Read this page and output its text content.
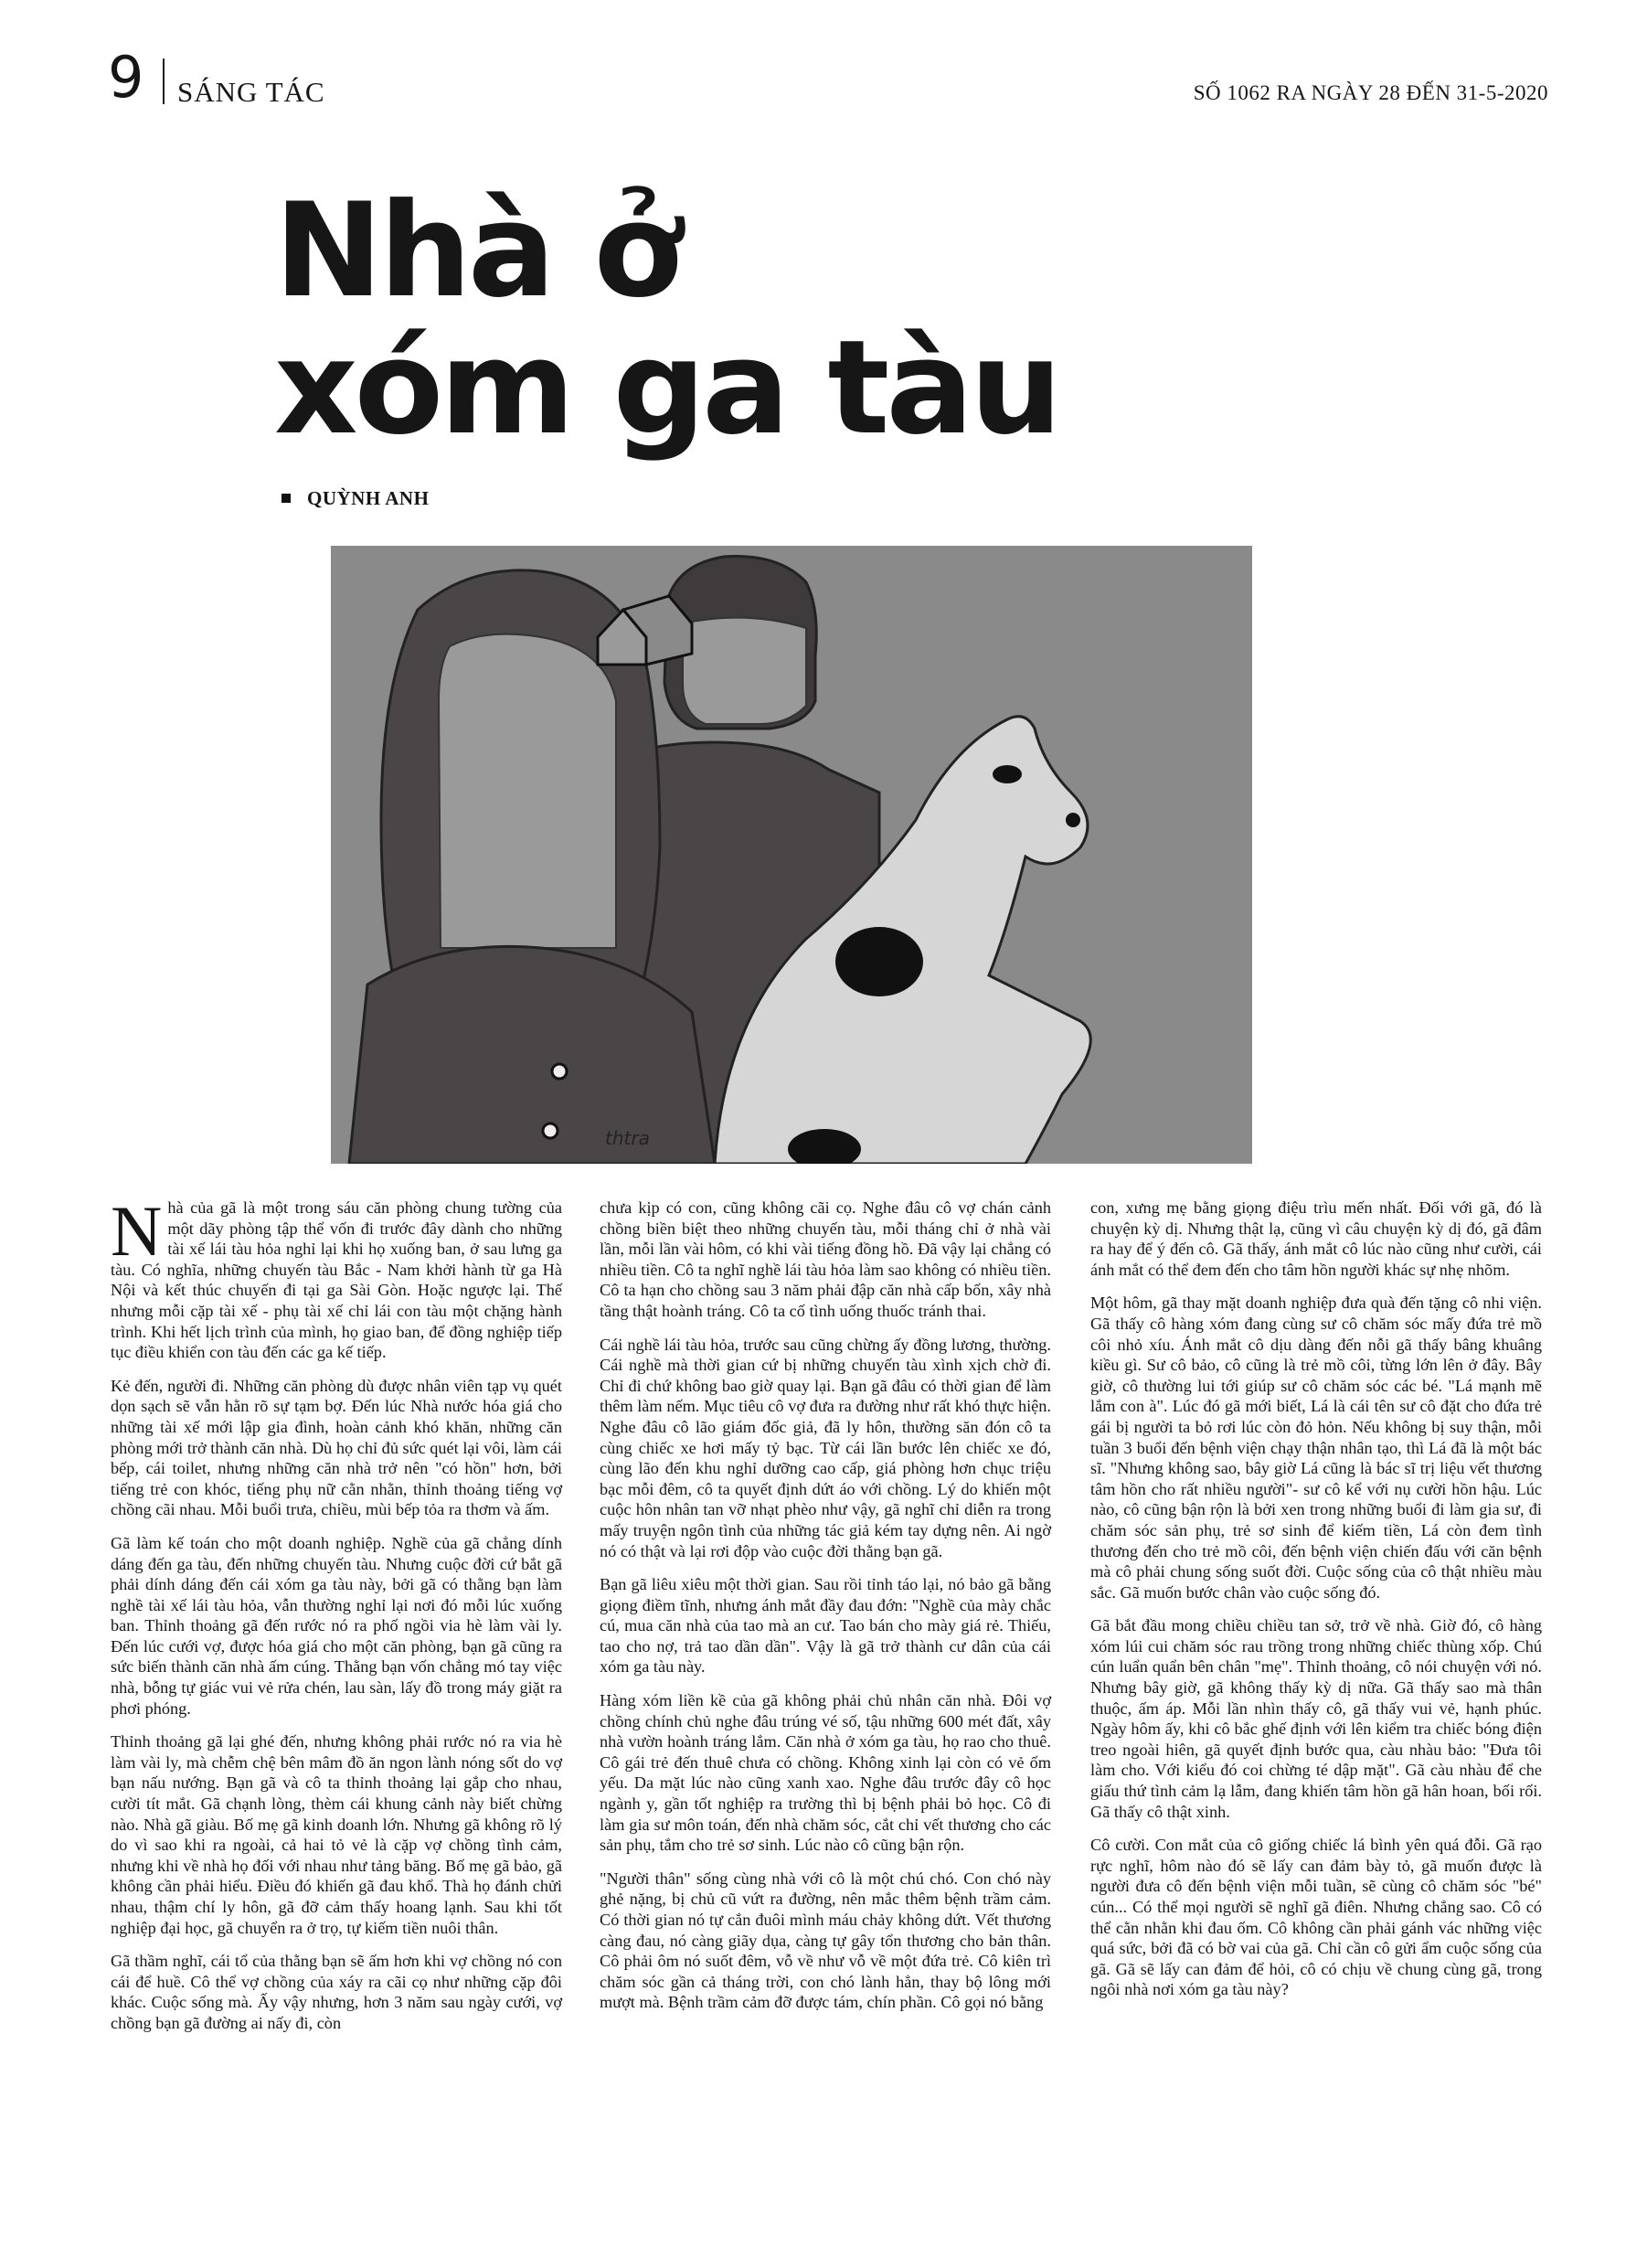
9 SÁNG TÁC	SỐ 1062 RA NGÀY 28 ĐẾN 31-5-2020
Nhà ở
xóm ga tàu
QUỲNH ANH
thtra

Nhà của gã là một trong sáu căn phòng chung tường của một dãy phòng tập thể vốn đi trước đây dành cho những tài xế lái tàu hỏa nghỉ lại khi họ xuống ban, ở sau lưng ga tàu. Có nghĩa, những chuyến tàu Bắc - Nam khởi hành từ ga Hà Nội và kết thúc chuyến đi tại ga Sài Gòn. Hoặc ngược lại. Thế nhưng mỗi cặp tài xế - phụ tài xế chỉ lái con tàu một chặng hành trình. Khi hết lịch trình của mình, họ giao ban, để đồng nghiệp tiếp tục điều khiển con tàu đến các ga kế tiếp.

Kẻ đến, người đi. Những căn phòng dù được nhân viên tạp vụ quét dọn sạch sẽ vẫn hằn rõ sự tạm bợ. Đến lúc Nhà nước hóa giá cho những tài xế mới lập gia đình, hoàn cảnh khó khăn, những căn phòng mới trở thành căn nhà. Dù họ chỉ đủ sức quét lại vôi, làm cái bếp, cái toilet, nhưng những căn nhà trở nên "có hồn" hơn, bởi tiếng trẻ con khóc, tiếng phụ nữ cằn nhằn, thỉnh thoảng tiếng vợ chồng cãi nhau. Mỗi buổi trưa, chiều, mùi bếp tỏa ra thơm và ấm.

Gã làm kế toán cho một doanh nghiệp. Nghề của gã chẳng dính dáng đến ga tàu, đến những chuyến tàu. Nhưng cuộc đời cứ bắt gã phải dính dáng đến cái xóm ga tàu này, bởi gã có thằng bạn làm nghề tài xế lái tàu hỏa, vẫn thường nghỉ lại nơi đó mỗi lúc xuống ban. Thỉnh thoảng gã đến rước nó ra phố ngồi via hè làm vài ly. Đến lúc cưới vợ, được hóa giá cho một căn phòng, bạn gã cũng ra sức biến thành căn nhà ấm cúng. Thằng bạn vốn chẳng mó tay việc nhà, bỗng tự giác vui vẻ rửa chén, lau sàn, lấy đồ trong máy giặt ra phơi phóng.

Thỉnh thoảng gã lại ghé đến, nhưng không phải rước nó ra via hè làm vài ly, mà chễm chệ bên mâm đồ ăn ngon lành nóng sốt do vợ bạn nấu nướng. Bạn gã và cô ta thỉnh thoảng lại gắp cho nhau, cười tít mắt. Gã chạnh lòng, thèm cái khung cảnh này biết chừng nào. Nhà gã giàu. Bố mẹ gã kinh doanh lớn. Nhưng gã không rõ lý do vì sao khi ra ngoài, cả hai tỏ vẻ là cặp vợ chồng tình cảm, nhưng khi về nhà họ đối với nhau như tảng băng. Bố mẹ gã bảo, gã không cần phải hiểu. Điều đó khiến gã đau khổ. Thà họ đánh chửi nhau, thậm chí ly hôn, gã đỡ cảm thấy hoang lạnh. Sau khi tốt nghiệp đại học, gã chuyển ra ở trọ, tự kiếm tiền nuôi thân.

Gã thầm nghĩ, cái tổ của thằng bạn sẽ ấm hơn khi vợ chồng nó con cái để huề. Cô thể vợ chồng của xáy ra cãi cọ như những cặp đôi khác. Cuộc sống mà. Ấy vậy nhưng, hơn 3 năm sau ngày cưới, vợ chồng bạn gã đường ai nấy đi, còn

chưa kịp có con, cũng không cãi cọ. Nghe đâu cô vợ chán cảnh chồng biền biệt theo những chuyến tàu, mỗi tháng chỉ ở nhà vài lần, mỗi lần vài hôm, có khi vài tiếng đồng hồ. Đã vậy lại chẳng có nhiều tiền. Cô ta nghĩ nghề lái tàu hỏa làm sao không có nhiều tiền. Cô ta hạn cho chồng sau 3 năm phải đập căn nhà cấp bốn, xây nhà tầng thật hoành tráng. Cô ta cố tình uống thuốc tránh thai.

Cái nghề lái tàu hỏa, trước sau cũng chừng ấy đồng lương, thường. Cái nghề mà thời gian cứ bị những chuyến tàu xình xịch chờ đi. Chỉ đi chứ không bao giờ quay lại. Bạn gã đâu có thời gian để làm thêm làm nếm. Mục tiêu cô vợ đưa ra đường như rất khó thực hiện. Nghe đâu cô lão giám đốc giả, đã ly hôn, thường săn đón cô ta cùng chiếc xe hơi mấy tỷ bạc. Từ cái lần bước lên chiếc xe đó, cùng lão đến khu nghỉ dưỡng cao cấp, giá phòng hơn chục triệu bạc mỗi đêm, cô ta quyết định dứt áo với chồng. Lý do khiến một cuộc hôn nhân tan vỡ nhạt phèo như vậy, gã nghĩ chỉ diễn ra trong mấy truyện ngôn tình của những tác giả kém tay dựng nên. Ai ngờ nó có thật và lại rơi độp vào cuộc đời thằng bạn gã.

Bạn gã liêu xiêu một thời gian. Sau rồi tỉnh táo lại, nó bảo gã bằng giọng điềm tĩnh, nhưng ánh mắt đầy đau đớn: "Nghề của mày chắc cú, mua căn nhà của tao mà an cư. Tao bán cho mày giá rẻ. Thiếu, tao cho nợ, trả tao dần dần". Vậy là gã trở thành cư dân của cái xóm ga tàu này.

Hàng xóm liền kề của gã không phải chủ nhân căn nhà. Đôi vợ chồng chính chủ nghe đâu trúng vé số, tậu những 600 mét đất, xây nhà vườn hoành tráng lắm. Căn nhà ở xóm ga tàu, họ rao cho thuê. Cô gái trẻ đến thuê chưa có chồng. Không xinh lại còn có vẻ ốm yếu. Da mặt lúc nào cũng xanh xao. Nghe đâu trước đây cô học ngành y, gần tốt nghiệp ra trường thì bị bệnh phải bỏ học. Cô đi làm gia sư môn toán, đến nhà chăm sóc, cắt chỉ vết thương cho các sản phụ, tắm cho trẻ sơ sinh. Lúc nào cô cũng bận rộn.

"Người thân" sống cùng nhà với cô là một chú chó. Con chó này ghẻ nặng, bị chủ cũ vứt ra đường, nên mắc thêm bệnh trầm cảm. Có thời gian nó tự cắn đuôi mình máu chảy không dứt. Vết thương càng đau, nó càng giãy dụa, càng tự gây tổn thương cho bản thân. Cô phải ôm nó suốt đêm, vỗ về như vỗ về một đứa trẻ. Cô kiên trì chăm sóc gần cả tháng trời, con chó lành hẳn, thay bộ lông mới mượt mà. Bệnh trầm cảm đỡ được tám, chín phần. Cô gọi nó bằng

con, xưng mẹ bằng giọng điệu trìu mến nhất. Đối với gã, đó là chuyện kỳ dị. Nhưng thật lạ, cũng vì câu chuyện kỳ dị đó, gã đâm ra hay để ý đến cô. Gã thấy, ánh mắt cô lúc nào cũng như cười, cái ánh mắt có thể đem đến cho tâm hồn người khác sự nhẹ nhõm.

Một hôm, gã thay mặt doanh nghiệp đưa quà đến tặng cô nhi viện. Gã thấy cô hàng xóm đang cùng sư cô chăm sóc mấy đứa trẻ mồ côi nhỏ xíu. Ánh mắt cô dịu dàng đến nỗi gã thấy bâng khuâng kiều gì. Sư cô bảo, cô cũng là trẻ mồ côi, từng lớn lên ở đây. Bây giờ, cô thường lui tới giúp sư cô chăm sóc các bé. "Lá mạnh mẽ lắm con à". Lúc đó gã mới biết, Lá là cái tên sư cô đặt cho đứa trẻ gái bị người ta bỏ rơi lúc còn đỏ hỏn. Nếu không bị suy thận, mỗi tuần 3 buổi đến bệnh viện chạy thận nhân tạo, thì Lá đã là một bác sĩ. "Nhưng không sao, bây giờ Lá cũng là bác sĩ trị liệu vết thương tâm hồn cho rất nhiều người"- sư cô kể với nụ cười hồn hậu. Lúc nào, cô cũng bận rộn là bởi xen trong những buổi đi làm gia sư, đi chăm sóc sản phụ, trẻ sơ sinh để kiếm tiền, Lá còn đem tình thương đến cho trẻ mồ côi, đến bệnh viện chiến đấu với căn bệnh mà cô phải chung sống suốt đời. Cuộc sống của cô thật nhiều màu sắc. Gã muốn bước chân vào cuộc sống đó.

Gã bắt đầu mong chiều chiều tan sở, trở về nhà. Giờ đó, cô hàng xóm lúi cui chăm sóc rau trồng trong những chiếc thùng xốp. Chú cún luẩn quẩn bên chân "mẹ". Thỉnh thoảng, cô nói chuyện với nó. Nhưng bây giờ, gã không thấy kỳ dị nữa. Gã thấy sao mà thân thuộc, ấm áp. Mỗi lần nhìn thấy cô, gã thấy vui vẻ, hạnh phúc. Ngày hôm ấy, khi cô bắc ghế định với lên kiểm tra chiếc bóng điện treo ngoài hiên, gã quyết định bước qua, càu nhàu bảo: "Đưa tôi làm cho. Với kiểu đó coi chừng té dập mặt". Gã càu nhàu để che giấu thứ tình cảm lạ lẫm, đang khiến tâm hồn gã hân hoan, bối rối. Gã thấy cô thật xinh.

Cô cười. Con mắt của cô giống chiếc lá bình yên quá đỗi. Gã rạo rực nghĩ, hôm nào đó sẽ lấy can đảm bày tỏ, gã muốn được là người đưa cô đến bệnh viện mỗi tuần, sẽ cùng cô chăm sóc "bé" cún... Có thể mọi người sẽ nghĩ gã điên. Nhưng chẳng sao. Cô có thể cằn nhằn khi đau ốm. Cô không cần phải gánh vác những việc quá sức, bởi đã có bờ vai của gã. Chỉ cần cô gửi ẩm cuộc sống của gã. Gã sẽ lấy can đảm để hỏi, cô có chịu về chung cùng gã, trong ngôi nhà nơi xóm ga tàu này?
